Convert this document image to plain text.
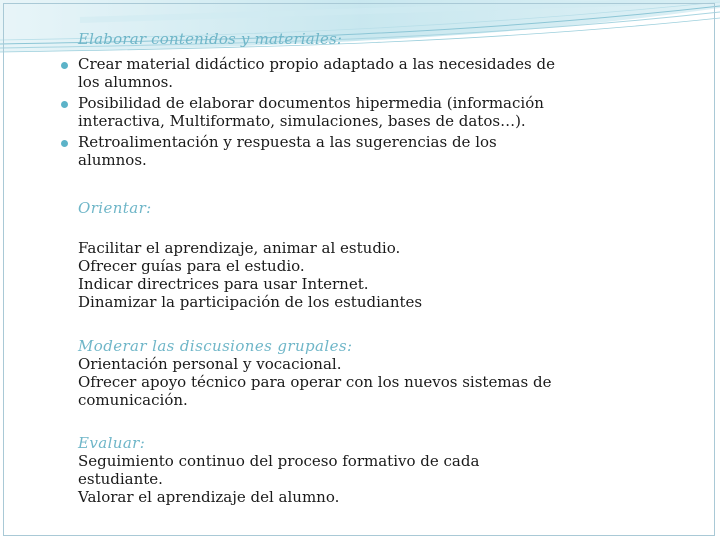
Elaborar contenidos y materiales:
Crear material didáctico propio adaptado a las necesidades de
los alumnos.
Posibilidad de elaborar documentos hipermedia (información
interactiva, Multiformato, simulaciones, bases de datos…).
Retroalimentación y respuesta a las sugerencias de los
alumnos.
Orientar:
Facilitar el aprendizaje, animar al estudio.
Ofrecer guías para el estudio.
Indicar directrices para usar Internet.
Dinamizar la participación de los estudiantes
Moderar las discusiones grupales:
Orientación personal y vocacional.
Ofrecer apoyo técnico para operar con los nuevos sistemas de
comunicación.
Evaluar:
Seguimiento continuo del proceso formativo de cada
estudiante.
Valorar el aprendizaje del alumno.
